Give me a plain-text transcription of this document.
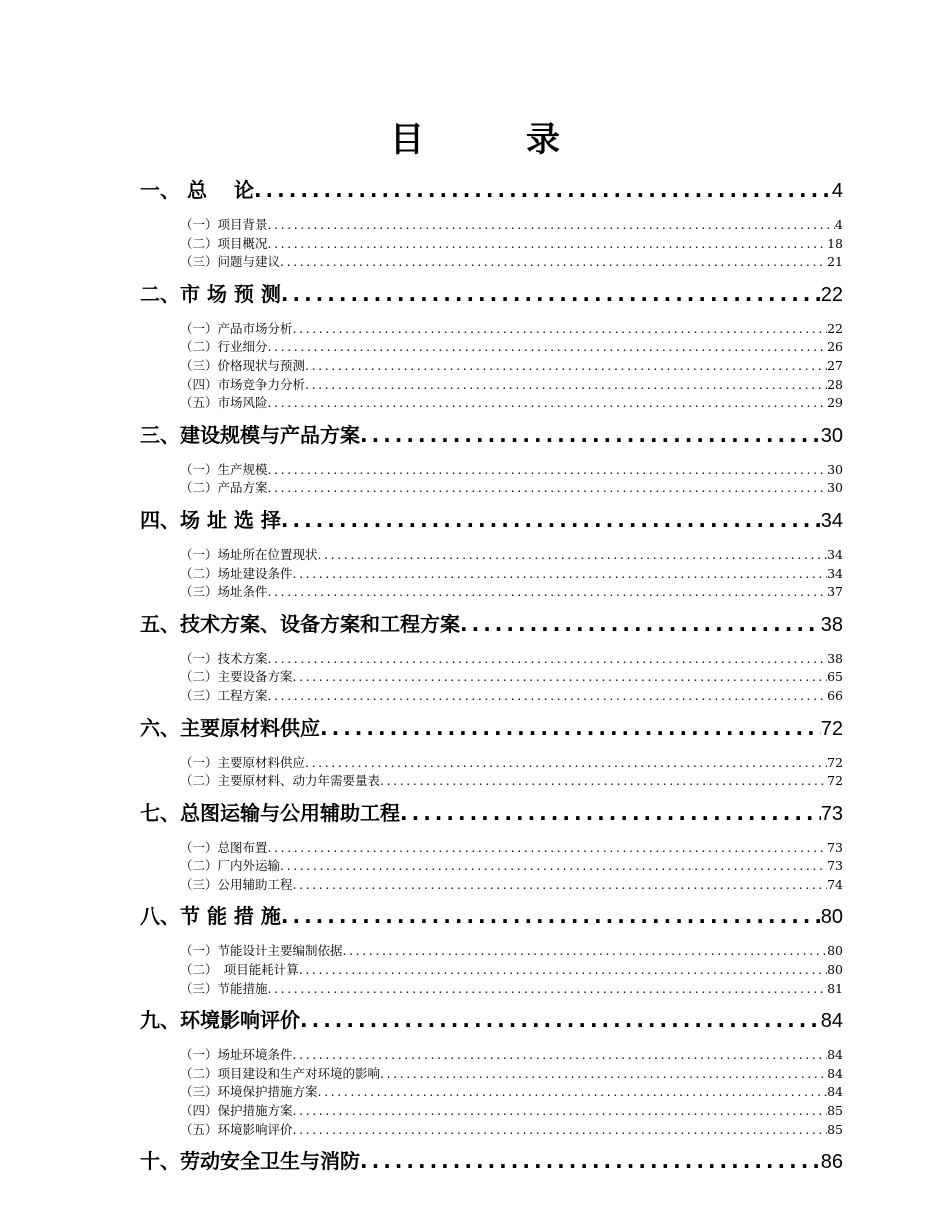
目　录
一、 总 　论 .....	4
（一）项目背景 .....	4
（二）项目概况 .....	18
（三）问题与建议 .....	21
二、市 场 预 测 .....	22
（一）产品市场分析 .....	22
（二）行业细分 .....	26
（三）价格现状与预测 .....	27
（四）市场竞争力分析 .....	28
（五）市场风险 .....	29
三、建设规模与产品方案 .....	30
（一）生产规模 .....	30
（二）产品方案 .....	30
四、场 址 选 择 .....	34
（一）场址所在位置现状 .....	34
（二）场址建设条件 .....	34
（三）场址条件 .....	37
五、技术方案、设备方案和工程方案 .....	38
（一）技术方案 .....	38
（二）主要设备方案 .....	65
（三）工程方案 .....	66
六、主要原材料供应 .....	72
（一）主要原材料供应 .....	72
（二）主要原材料、动力年需要量表 .....	72
七、总图运输与公用辅助工程 .....	73
（一）总图布置 .....	73
（二）厂内外运输 .....	73
（三）公用辅助工程 .....	74
八、节 能 措 施 .....	80
（一）节能设计主要编制依据 .....	80
（二）　项目能耗计算 .....	80
（三）节能措施 .....	81
九、环境影响评价 .....	84
（一）场址环境条件 .....	84
（二）项目建设和生产对环境的影响 .....	84
（三）环境保护措施方案 .....	84
（四）保护措施方案 .....	85
（五）环境影响评价 .....	85
十、劳动安全卫生与消防 .....	86
